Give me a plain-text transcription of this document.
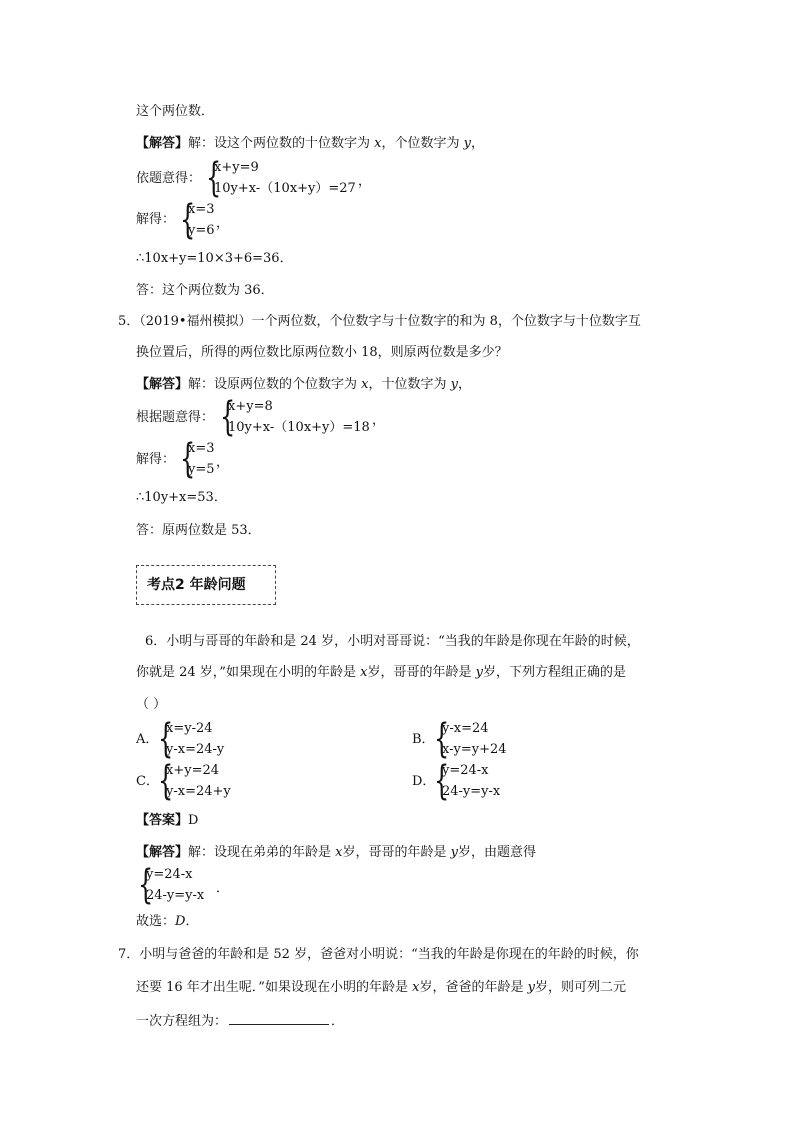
这个两位数．
【解答】解：设这个两位数的十位数字为 x，个位数字为 y，
依题意得： {
x+y=9
10y+x-（10x+y）=27 ，
解得： {
x=3
y=6 ，
∴10x+y=10×3+6=36．
答：这个两位数为 36．
5．（2019•福州模拟）一个两位数，个位数字与十位数字的和为 8，个位数字与十位数字互
换位置后，所得的两位数比原两位数小 18，则原两位数是多少？
【解答】解：设原两位数的个位数字为 x，十位数字为 y，
根据题意得： {
x+y=8
10y+x-（10x+y）=18 ，
解得： {
x=3
y=5 ，
∴10y+x=53．
答：原两位数是 53．
考点2 年龄问题
6．小明与哥哥的年龄和是 24 岁，小明对哥哥说：“当我的年龄是你现在年龄的时候，
你就是 24 岁，”如果现在小明的年龄是 x岁，哥哥的年龄是 y岁，下列方程组正确的是
（ ）
A． {
x=y-24
y-x=24-y
B． {
y-x=24
x-y=y+24
C． {
x+y=24
y-x=24+y
D．
{
y=24-x
24-y=y-x
【答案】D
【解答】解：设现在弟弟的年龄是 x岁，哥哥的年龄是 y岁，由题意得
{
y=24-x
24-y=y-x ．
故选：D．
7．小明与爸爸的年龄和是 52 岁，爸爸对小明说：“当我的年龄是你现在的年龄的时候，你
还要 16 年才出生呢．”如果设现在小明的年龄是 x岁，爸爸的年龄是 y岁，则可列二元
一次方程组为：	．
